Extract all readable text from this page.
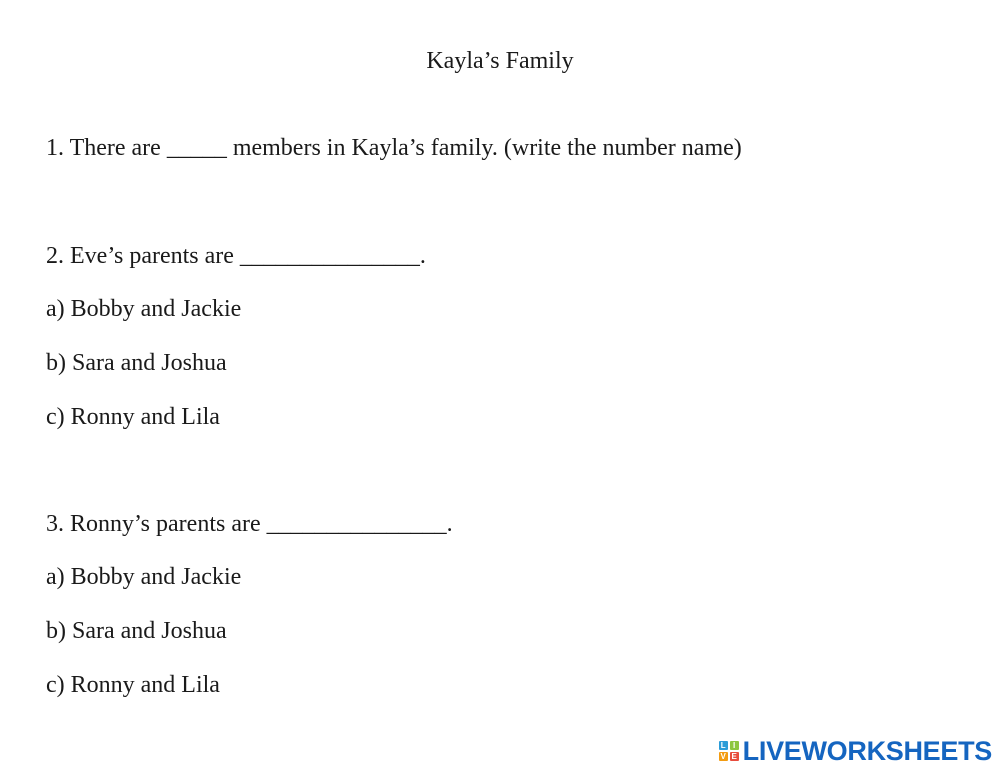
Kayla’s Family
1. There are _____ members in Kayla’s family. (write the number name)
2. Eve’s parents are _______________.
a) Bobby and Jackie
b) Sara and Joshua
c) Ronny and Lila
3. Ronny’s parents are _______________.
a) Bobby and Jackie
b) Sara and Joshua
c) Ronny and Lila
L I
V E LIVEWORKSHEETS
